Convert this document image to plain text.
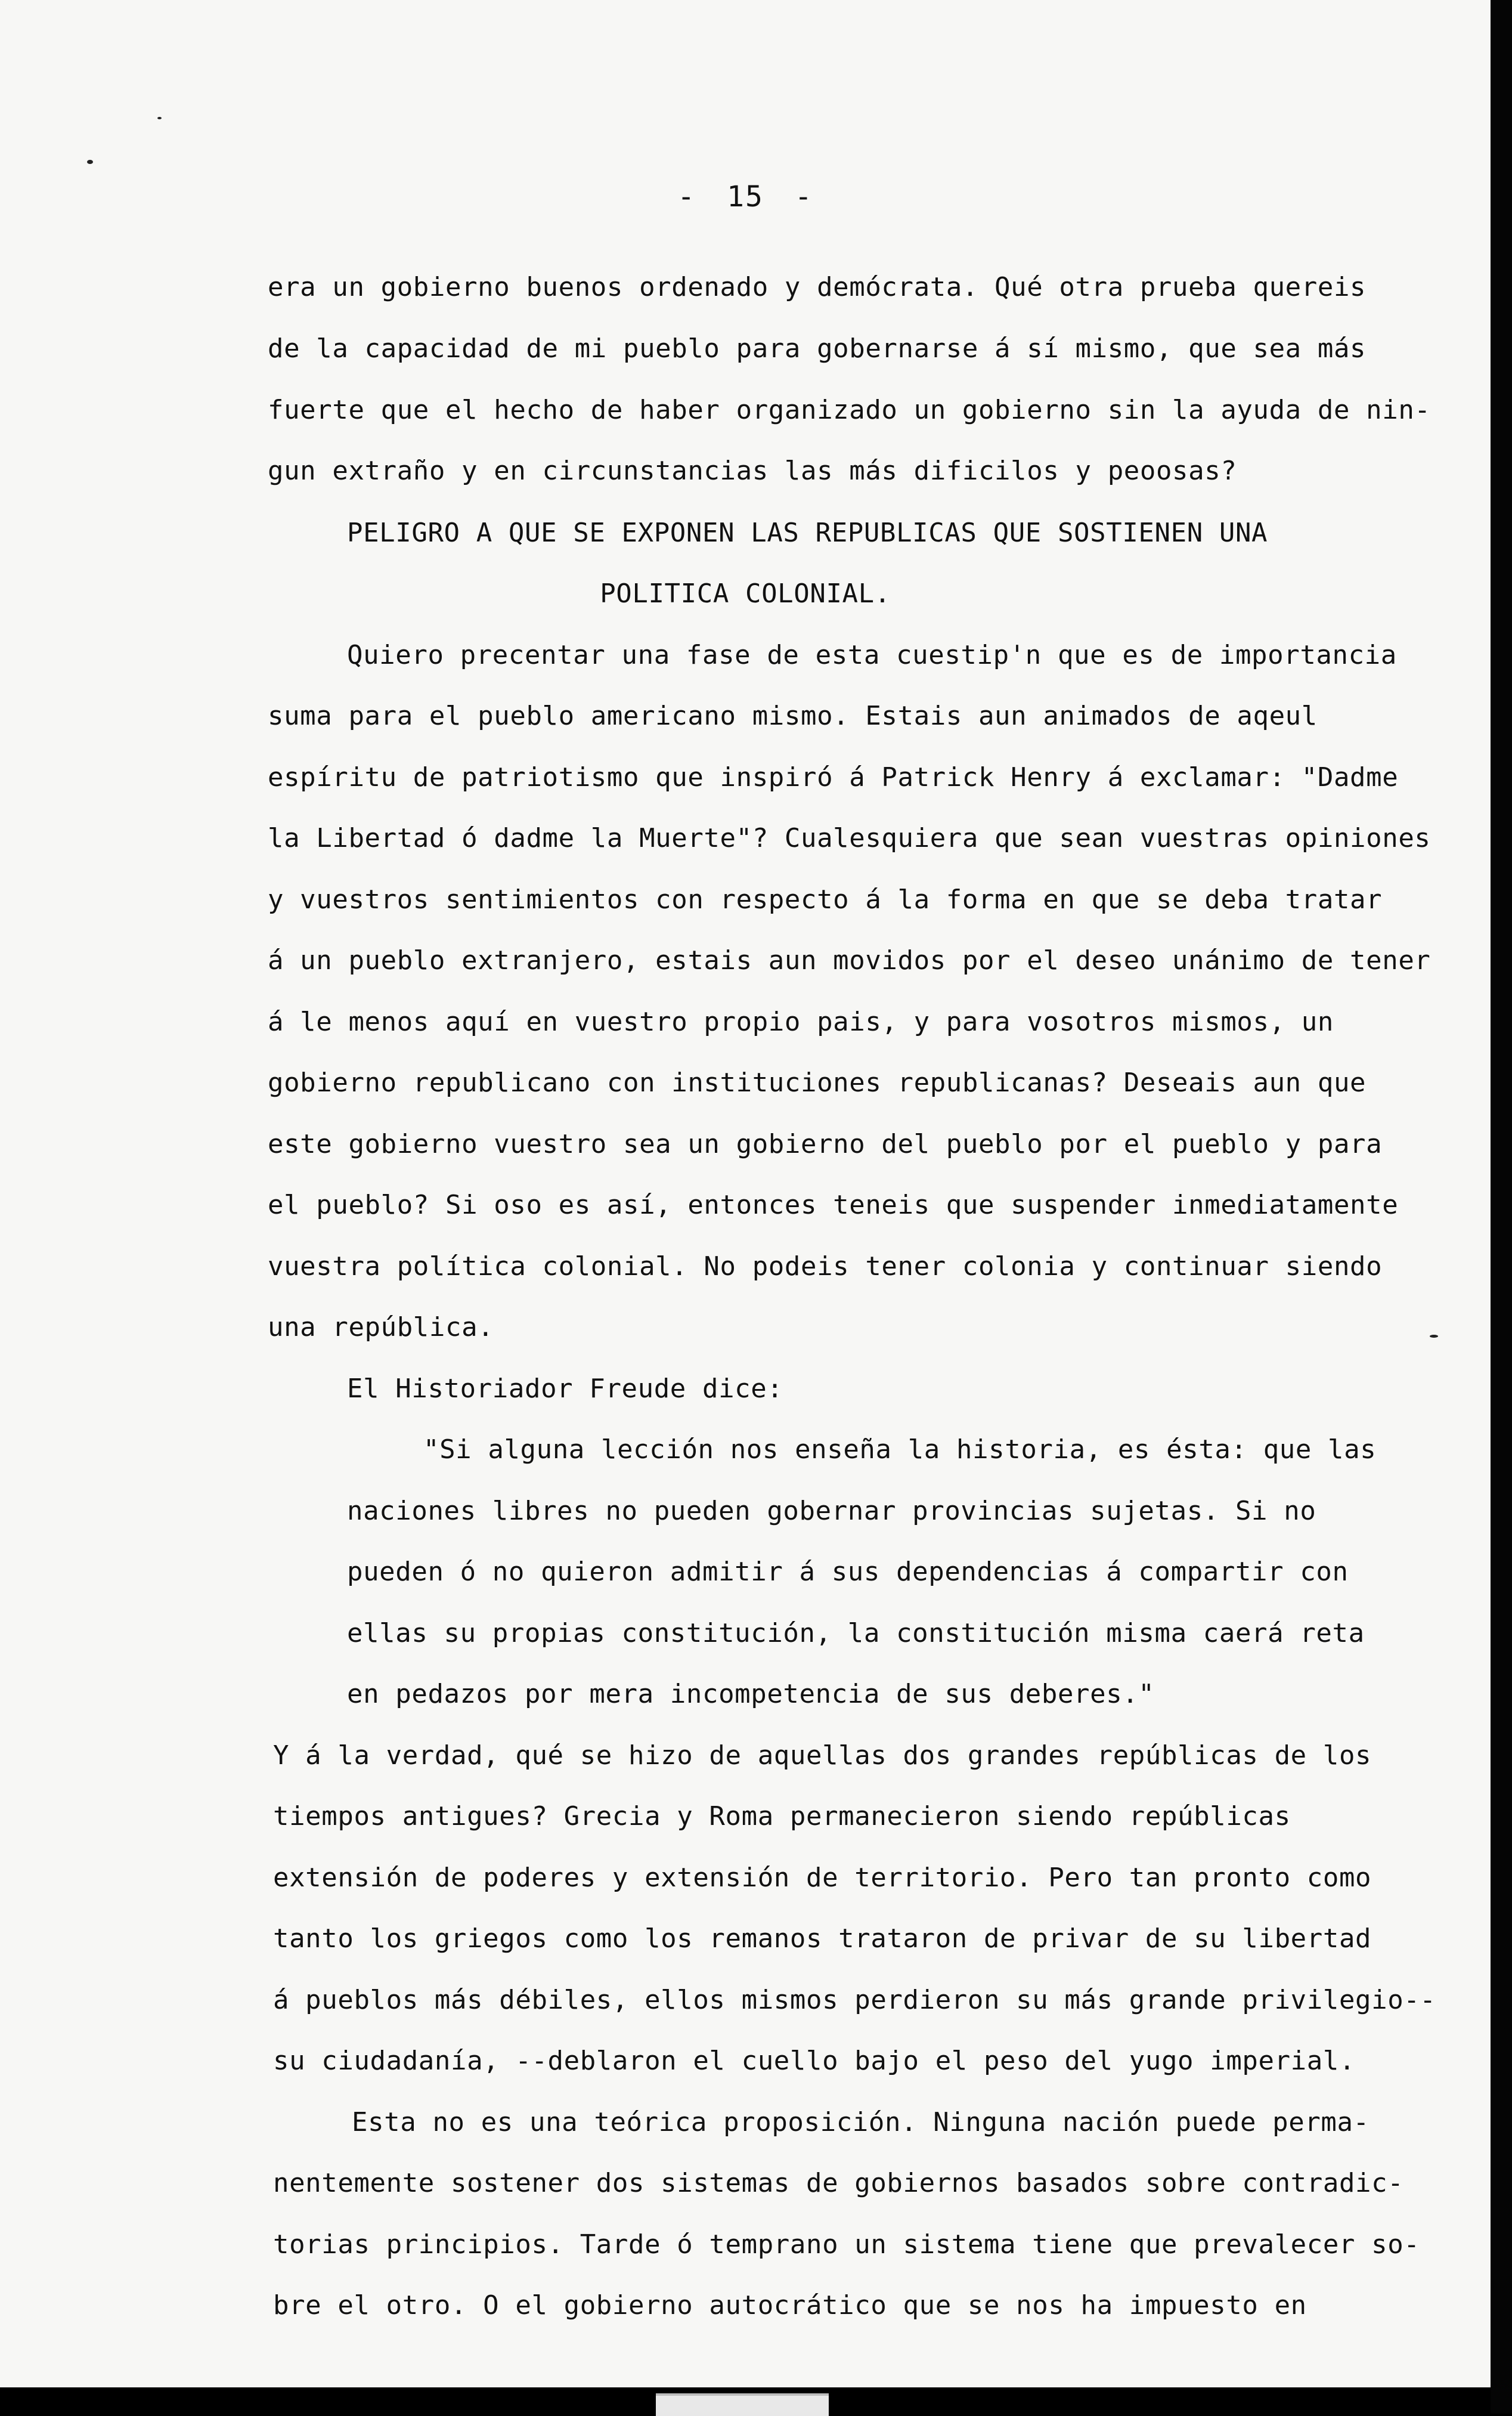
- 15 -
era un gobierno buenos ordenado y demócrata. Qué otra prueba quereis
de la capacidad de mi pueblo para gobernarse á sí mismo, que sea más
fuerte que el hecho de haber organizado un gobierno sin la ayuda de nin-
gun extraño y en circunstancias las más dificilos y peoosas?
PELIGRO A QUE SE EXPONEN LAS REPUBLICAS QUE SOSTIENEN UNA
POLITICA COLONIAL.
Quiero precentar una fase de esta cuestip'n que es de importancia
suma para el pueblo americano mismo. Estais aun animados de aqeul
espíritu de patriotismo que inspiró á Patrick Henry á exclamar: "Dadme
la Libertad ó dadme la Muerte"? Cualesquiera que sean vuestras opiniones
y vuestros sentimientos con respecto á la forma en que se deba tratar
á un pueblo extranjero, estais aun movidos por el deseo unánimo de tener
á le menos aquí en vuestro propio pais, y para vosotros mismos, un
gobierno republicano con instituciones republicanas? Deseais aun que
este gobierno vuestro sea un gobierno del pueblo por el pueblo y para
el pueblo? Si oso es así, entonces teneis que suspender inmediatamente
vuestra política colonial. No podeis tener colonia y continuar siendo
una república.
El Historiador Freude dice:
"Si alguna lección nos enseña la historia, es ésta: que las
naciones libres no pueden gobernar provincias sujetas. Si no
pueden ó no quieron admitir á sus dependencias á compartir con
ellas su propias constitución, la constitución misma caerá reta
en pedazos por mera incompetencia de sus deberes."
Y á la verdad, qué se hizo de aquellas dos grandes repúblicas de los
tiempos antigues? Grecia y Roma permanecieron siendo repúblicas
extensión de poderes y extensión de territorio. Pero tan pronto como
tanto los griegos como los remanos trataron de privar de su libertad
á pueblos más débiles, ellos mismos perdieron su más grande privilegio--
su ciudadanía, --deblaron el cuello bajo el peso del yugo imperial.
Esta no es una teórica proposición. Ninguna nación puede perma-
nentemente sostener dos sistemas de gobiernos basados sobre contradic-
torias principios. Tarde ó temprano un sistema tiene que prevalecer so-
bre el otro. O el gobierno autocrático que se nos ha impuesto en
